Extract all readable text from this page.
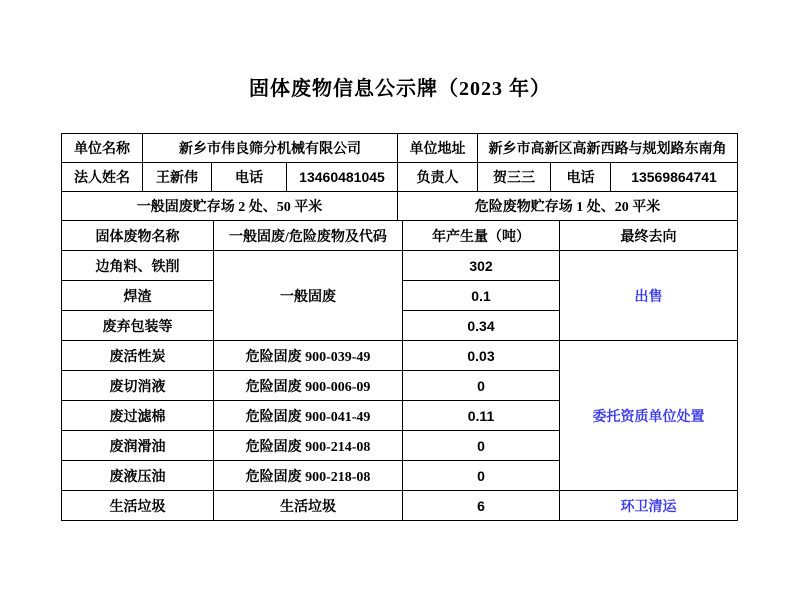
固体废物信息公示牌（2023 年）
单位名称	新乡市伟良筛分机械有限公司			单位地址	新乡市高新区高新西路与规划路东南角		
法人姓名	王新伟	电话	13460481045	负责人	贺三三	电话	13569864741
一般固废贮存场 2 处、50 平米				危险废物贮存场 1 处、20 平米			
固体废物名称	一般固废/危险废物及代码	年产生量（吨）	最终去向
边角料、铁削	一般固废	302	出售
焊渣		0.1	
废弃包装等		0.34	
废活性炭	危险固废 900-039-49	0.03	委托资质单位处置
废切消液	危险固废 900-006-09	0	
废过滤棉	危险固废 900-041-49	0.11	
废润滑油	危险固废 900-214-08	0	
废液压油	危险固废 900-218-08	0	
生活垃圾	生活垃圾	6	环卫清运
